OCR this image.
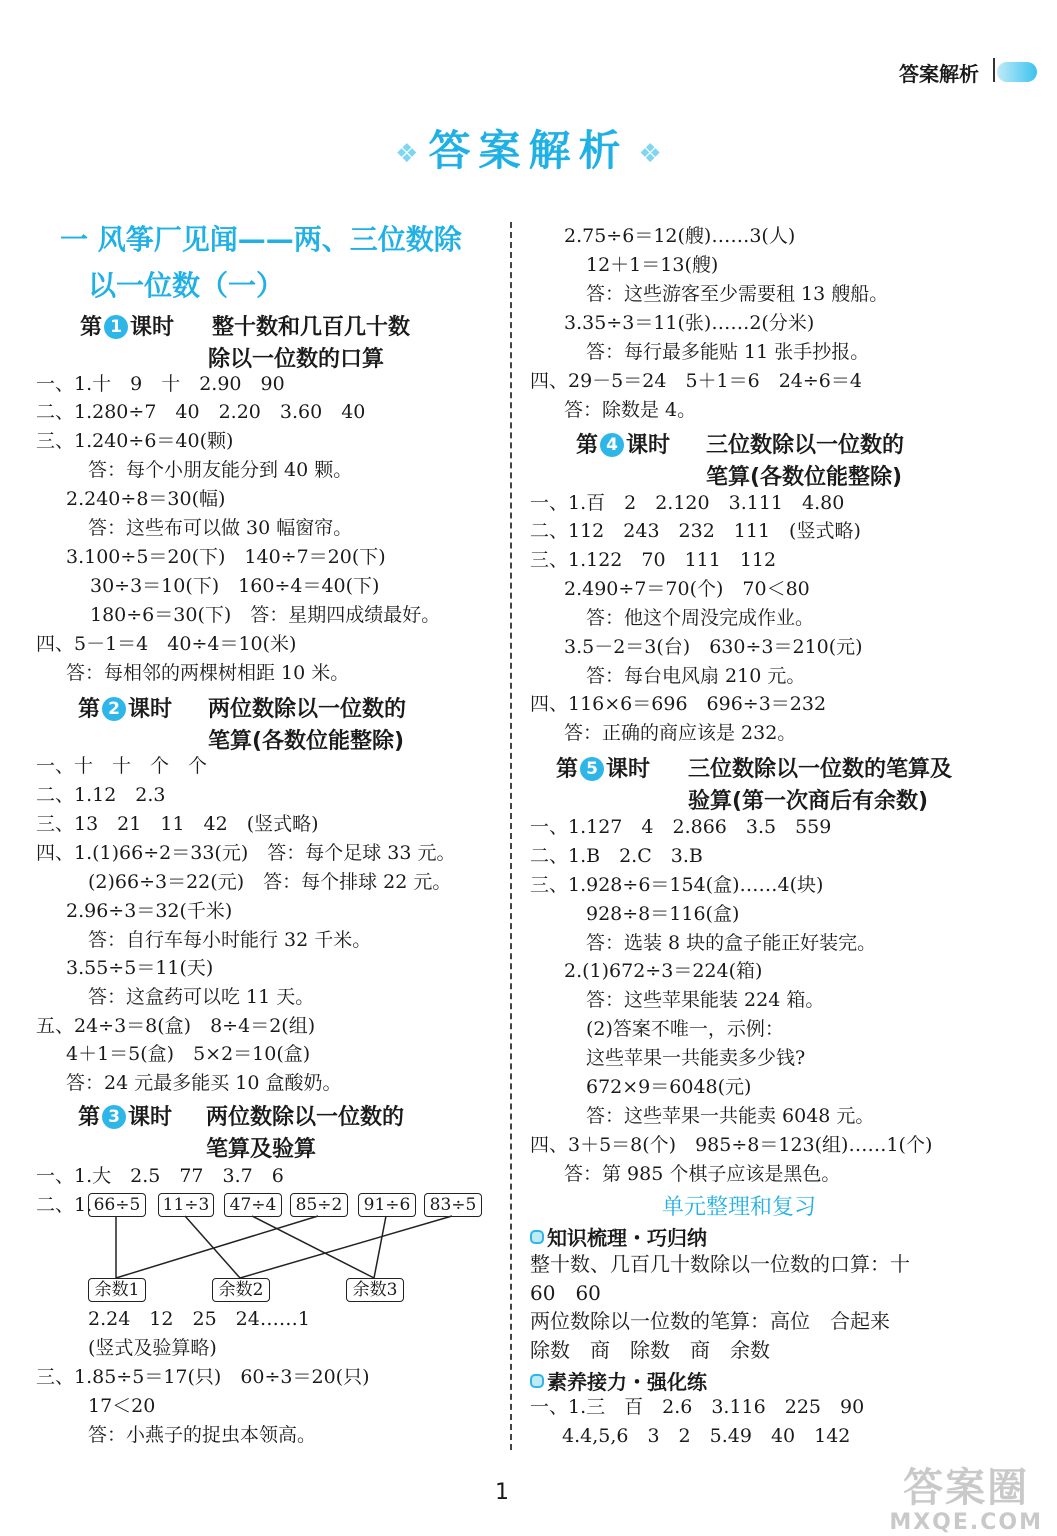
答案解析
❖ 答案解析 ❖
一 风筝厂见闻——两、三位数除
以一位数（一）
第 1 课时 整十数和几百几十数
除以一位数的口算
一、1.十　9　十　2.90　90
二、1.280÷7　40　2.20　3.60　40
三、1.240÷6＝40(颗)
答：每个小朋友能分到 40 颗。
2.240÷8＝30(幅)
答：这些布可以做 30 幅窗帘。
3.100÷5＝20(下)　140÷7＝20(下)
30÷3＝10(下)　160÷4＝40(下)
180÷6＝30(下)　答：星期四成绩最好。
四、5－1＝4　40÷4＝10(米)
答：每相邻的两棵树相距 10 米。
第 2 课时 两位数除以一位数的
笔算(各数位能整除)
一、十　十　个　个
二、1.12　2.3
三、13　21　11　42　(竖式略)
四、1.(1)66÷2＝33(元)　答：每个足球 33 元。
(2)66÷3＝22(元)　答：每个排球 22 元。
2.96÷3＝32(千米)
答：自行车每小时能行 32 千米。
3.55÷5＝11(天)
答：这盒药可以吃 11 天。
五、24÷3＝8(盒)　8÷4＝2(组)
4＋1＝5(盒)　5×2＝10(盒)
答：24 元最多能买 10 盒酸奶。
第 3 课时 两位数除以一位数的
笔算及验算
一、1.大　2.5　77　3.7　6
二、1. 66÷5	11÷3	47÷4	85÷2	91÷6	83÷5
余数1	余数2	余数3
2.24　12　25　24……1
(竖式及验算略)
三、1.85÷5＝17(只)　60÷3＝20(只)
17＜20
答：小燕子的捉虫本领高。
2.75÷6＝12(艘)……3(人)
12＋1＝13(艘)
答：这些游客至少需要租 13 艘船。
3.35÷3＝11(张)……2(分米)
答：每行最多能贴 11 张手抄报。
四、29－5＝24　5＋1＝6　24÷6＝4
答：除数是 4。
第 4 课时 三位数除以一位数的
笔算(各数位能整除)
一、1.百　2　2.120　3.111　4.80
二、112　243　232　111　(竖式略)
三、1.122　70　111　112
2.490÷7＝70(个)　70＜80
答：他这个周没完成作业。
3.5－2＝3(台)　630÷3＝210(元)
答：每台电风扇 210 元。
四、116×6＝696　696÷3＝232
答：正确的商应该是 232。
第 5 课时 三位数除以一位数的笔算及
验算(第一次商后有余数)
一、1.127　4　2.866　3.5　559
二、1.B　2.C　3.B
三、1.928÷6＝154(盒)……4(块)
928÷8＝116(盒)
答：选装 8 块的盒子能正好装完。
2.(1)672÷3＝224(箱)
答：这些苹果能装 224 箱。
(2)答案不唯一，示例：
这些苹果一共能卖多少钱?
672×9＝6048(元)
答：这些苹果一共能卖 6048 元。
四、3＋5＝8(个)　985÷8＝123(组)……1(个)
答：第 985 个棋子应该是黑色。
单元整理和复习
知识梳理・巧归纳
整十数、几百几十数除以一位数的口算：十
60　60
两位数除以一位数的笔算：高位　合起来
除数　商　除数　商　余数
素养接力・强化练
一、1.三　百　2.6　3.116　225　90
4.4,5,6　3　2　5.49　40　142
1	答案圈
MXQE.COM
